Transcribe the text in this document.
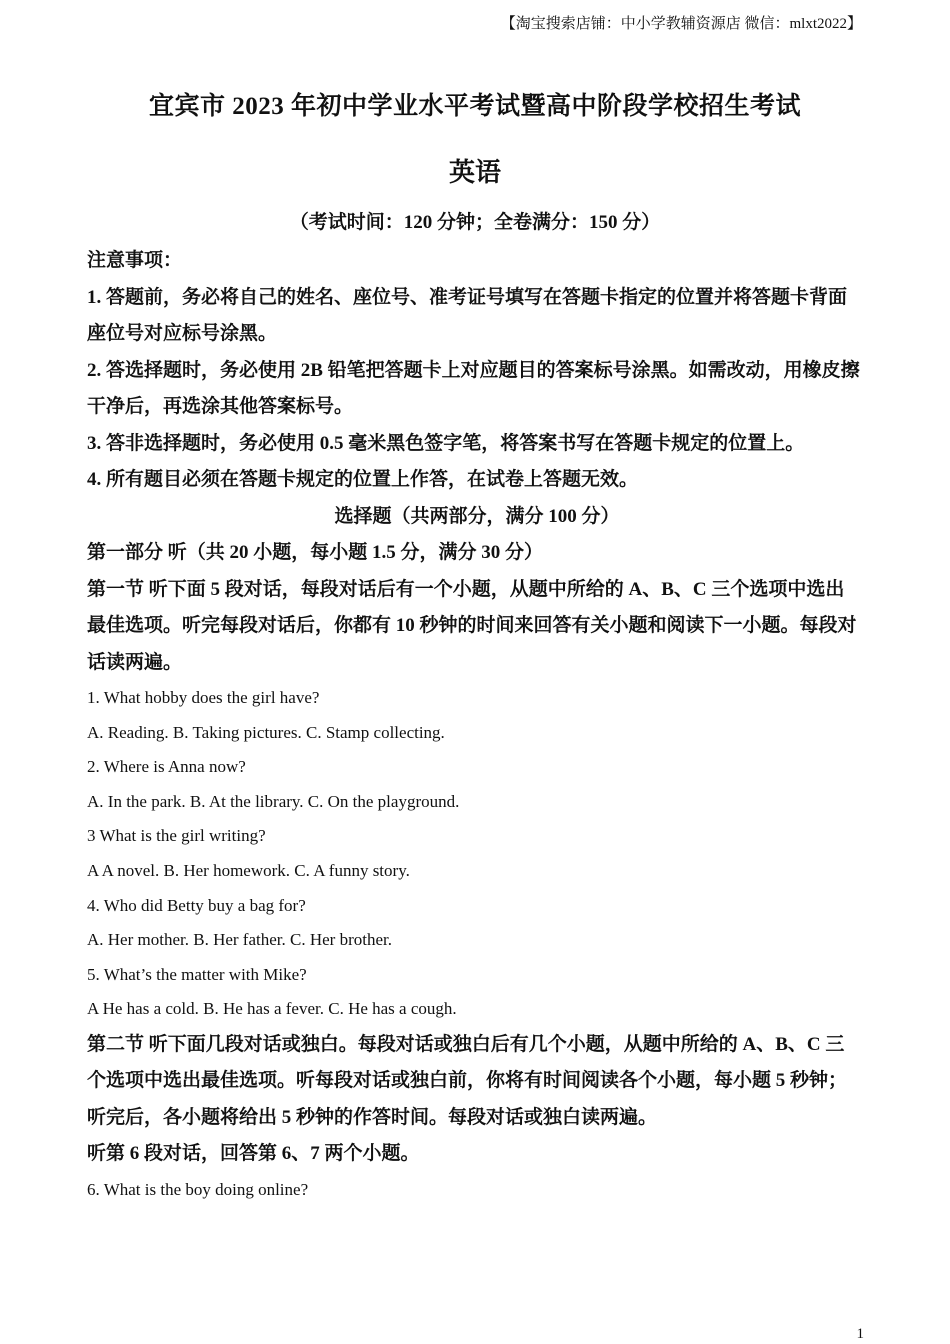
【淘宝搜索店铺：中小学教辅资源店 微信：mlxt2022】
宜宾市 2023 年初中学业水平考试暨高中阶段学校招生考试
英语
（考试时间：120 分钟；全卷满分：150 分）

注意事项：

1. 答题前，务必将自己的姓名、座位号、准考证号填写在答题卡指定的位置并将答题卡背面

座位号对应标号涂黑。

2. 答选择题时，务必使用 2B 铅笔把答题卡上对应题目的答案标号涂黑。如需改动，用橡皮擦

干净后，再选涂其他答案标号。

3. 答非选择题时，务必使用 0.5 毫米黑色签字笔，将答案书写在答题卡规定的位置上。

4. 所有题目必须在答题卡规定的位置上作答，在试卷上答题无效。

选择题（共两部分，满分 100 分）

第一部分 听（共 20 小题，每小题 1.5 分，满分 30 分）

第一节 听下面 5 段对话，每段对话后有一个小题，从题中所给的 A、B、C 三个选项中选出

最佳选项。听完每段对话后，你都有 10 秒钟的时间来回答有关小题和阅读下一小题。每段对

话读两遍。

1. What hobby does the girl have?

A. Reading. B. Taking pictures. C. Stamp collecting.

2. Where is Anna now?

A. In the park. B. At the library. C. On the playground.

3 What is the girl writing?

A A novel. B. Her homework. C. A funny story.

4. Who did Betty buy a bag for?

A. Her mother. B. Her father. C. Her brother.

5. What’s the matter with Mike?

A He has a cold. B. He has a fever. C. He has a cough.

第二节 听下面几段对话或独白。每段对话或独白后有几个小题，从题中所给的 A、B、C 三

个选项中选出最佳选项。听每段对话或独白前，你将有时间阅读各个小题，每小题 5 秒钟；

听完后，各小题将给出 5 秒钟的作答时间。每段对话或独白读两遍。

听第 6 段对话，回答第 6、7 两个小题。

6. What is the boy doing online?

1
